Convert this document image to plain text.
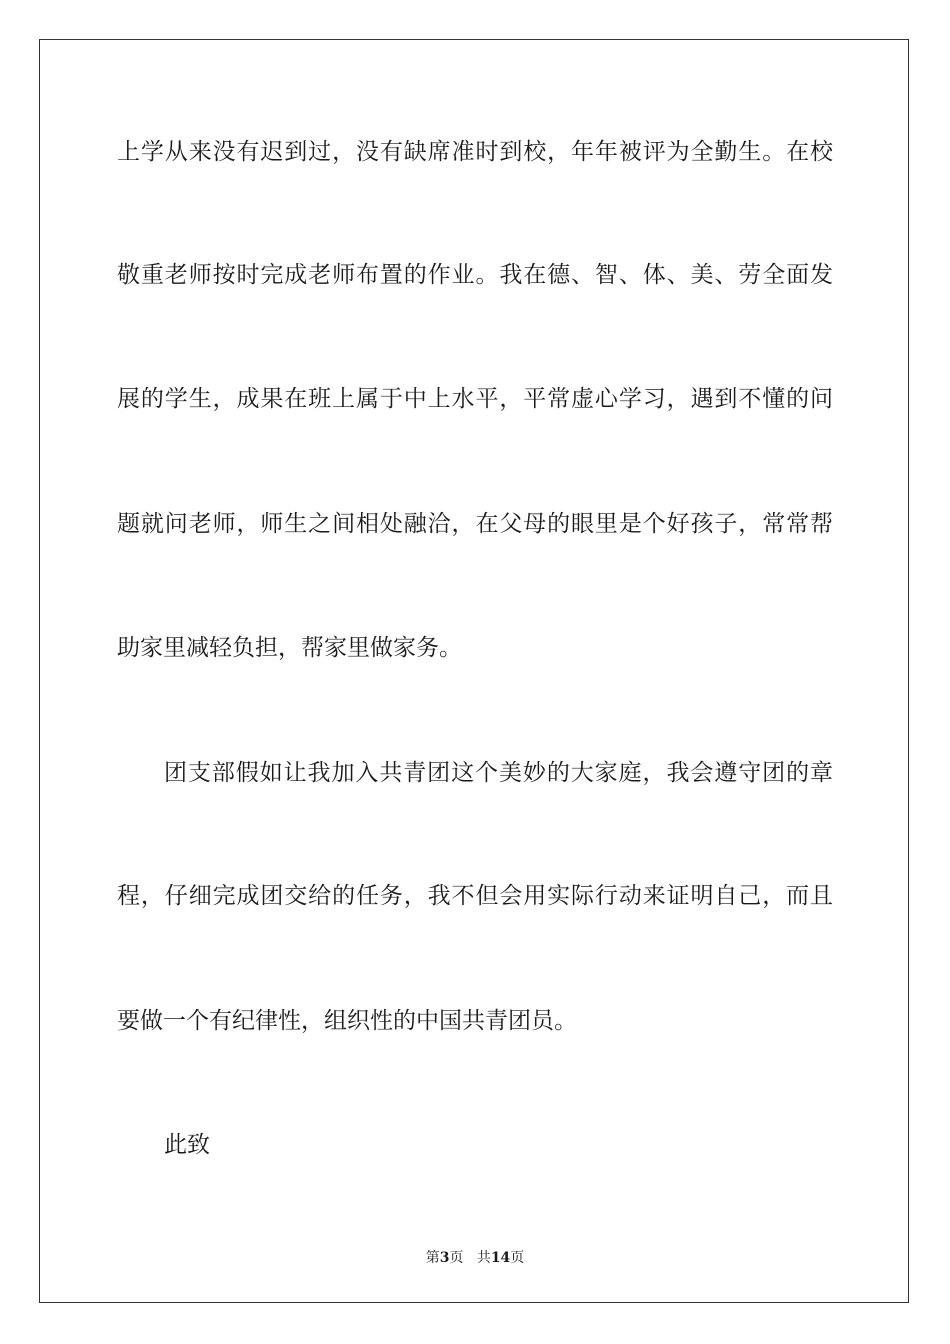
上学从来没有迟到过，没有缺席准时到校，年年被评为全勤生。在校

敬重老师按时完成老师布置的作业。我在德、智、体、美、劳全面发

展的学生，成果在班上属于中上水平，平常虚心学习，遇到不懂的问

题就问老师，师生之间相处融洽，在父母的眼里是个好孩子，常常帮

助家里减轻负担，帮家里做家务。

团支部假如让我加入共青团这个美妙的大家庭，我会遵守团的章

程，仔细完成团交给的任务，我不但会用实际行动来证明自己，而且

要做一个有纪律性，组织性的中国共青团员。

此致

第3页 共14页
